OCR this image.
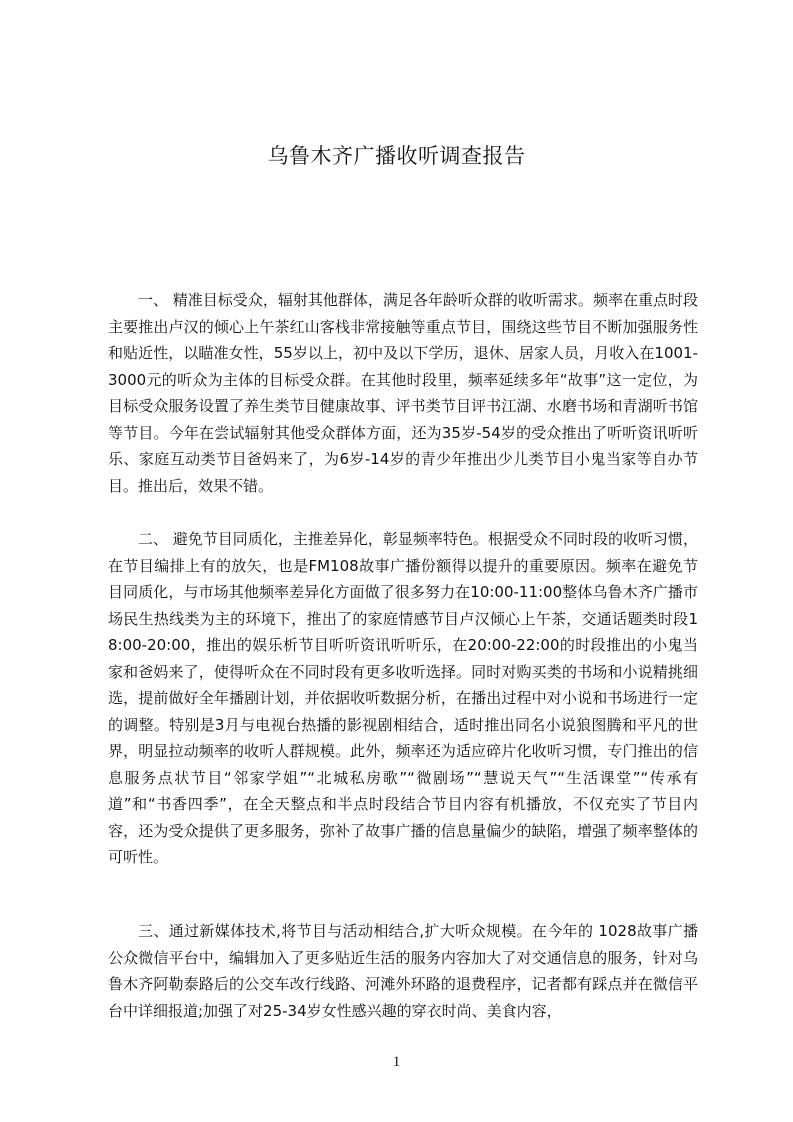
乌鲁木齐广播收听调查报告

一、 精准目标受众，辐射其他群体，满足各年龄听众群的收听需求。频率在重点时段主要推出卢汉的倾心上午茶红山客栈非常接触等重点节目，围绕这些节目不断加强服务性和贴近性，以瞄准女性，55岁以上，初中及以下学历，退休、居家人员，月收入在1001-3000元的听众为主体的目标受众群。在其他时段里，频率延续多年“故事”这一定位，为目标受众服务设置了养生类节目健康故事、评书类节目评书江湖、水磨书场和青湖听书馆等节目。今年在尝试辐射其他受众群体方面，还为35岁-54岁的受众推出了听听资讯听听乐、家庭互动类节目爸妈来了，为6岁-14岁的青少年推出少儿类节目小鬼当家等自办节目。推出后，效果不错。

二、 避免节目同质化，主推差异化，彰显频率特色。根据受众不同时段的收听习惯，在节目编排上有的放矢，也是FM108故事广播份额得以提升的重要原因。频率在避免节目同质化，与市场其他频率差异化方面做了很多努力在10:00-11:00整体乌鲁木齐广播市场民生热线类为主的环境下，推出了的家庭情感节目卢汉倾心上午茶，交通话题类时段18:00-20:00，推出的娱乐析节目听听资讯听听乐，在20:00-22:00的时段推出的小鬼当家和爸妈来了，使得听众在不同时段有更多收听选择。同时对购买类的书场和小说精挑细选，提前做好全年播剧计划，并依据收听数据分析，在播出过程中对小说和书场进行一定的调整。特别是3月与电视台热播的影视剧相结合，适时推出同名小说狼图腾和平凡的世界，明显拉动频率的收听人群规模。此外，频率还为适应碎片化收听习惯，专门推出的信息服务点状节目“邻家学姐”“北城私房歌”“微剧场”“慧说天气”“生活课堂”“传承有道”和“书香四季”，在全天整点和半点时段结合节目内容有机播放，不仅充实了节目内容，还为受众提供了更多服务，弥补了故事广播的信息量偏少的缺陷，增强了频率整体的可听性。

三、通过新媒体技术,将节目与活动相结合,扩大听众规模。在今年的 1028故事广播公众微信平台中，编辑加入了更多贴近生活的服务内容加大了对交通信息的服务，针对乌鲁木齐阿勒泰路后的公交车改行线路、河滩外环路的退费程序，记者都有踩点并在微信平台中详细报道;加强了对25-34岁女性感兴趣的穿衣时尚、美食内容，

1
